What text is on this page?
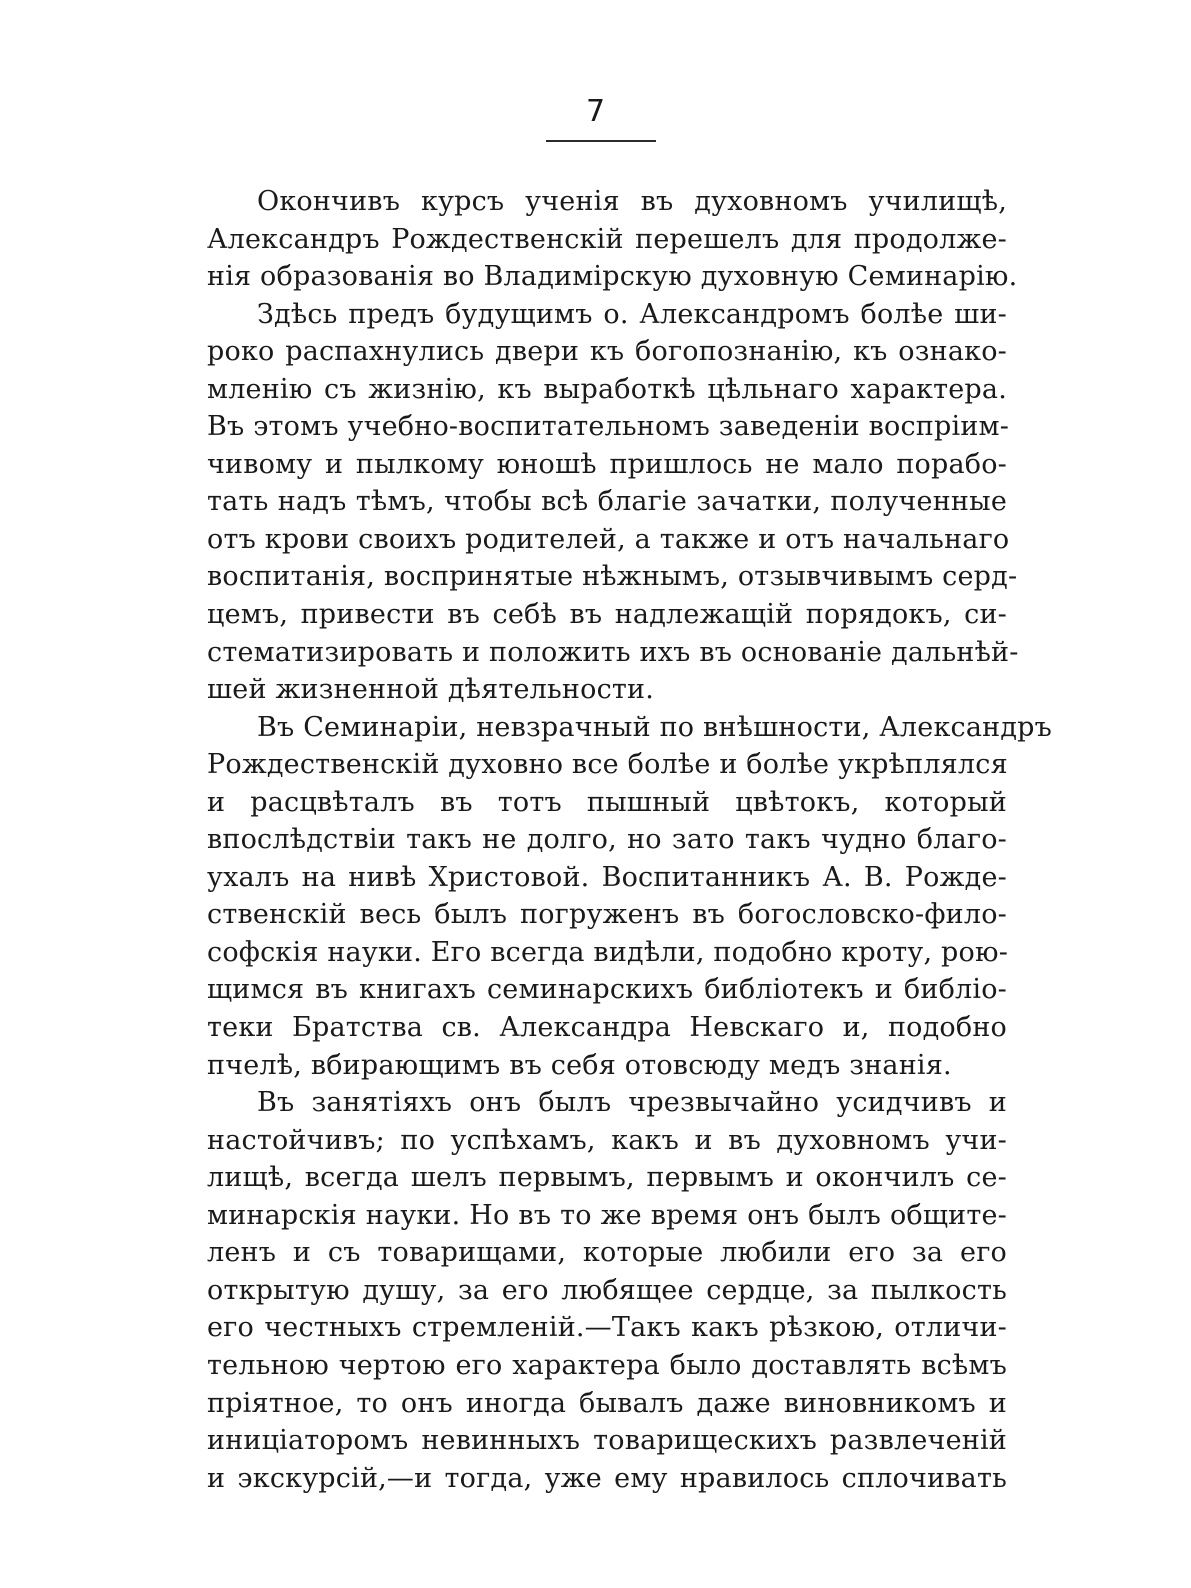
7
Окончивъ курсъ ученія въ духовномъ училищѣ,
Александръ Рождественскій перешелъ для продолже-
нія образованія во Владимірскую духовную Семинарію.
Здѣсь предъ будущимъ о. Александромъ болѣе ши-
роко распахнулись двери къ богопознанію, къ ознако-
мленію съ жизнію, къ выработкѣ цѣльнаго характера.
Въ этомъ учебно-воспитательномъ заведеніи воспріим-
чивому и пылкому юношѣ пришлось не мало порабо-
тать надъ тѣмъ, чтобы всѣ благіе зачатки, полученные
отъ крови своихъ родителей, а также и отъ начальнаго
воспитанія, воспринятые нѣжнымъ, отзывчивымъ серд-
цемъ, привести въ себѣ въ надлежащій порядокъ, си-
стематизировать и положить ихъ въ основаніе дальнѣй-
шей жизненной дѣятельности.
Въ Семинаріи, невзрачный по внѣшности, Александръ
Рождественскій духовно все болѣе и болѣе укрѣплялся
и расцвѣталъ въ тотъ пышный цвѣтокъ, который
впослѣдствіи такъ не долго, но зато такъ чудно благо-
ухалъ на нивѣ Христовой. Воспитанникъ А. В. Рожде-
ственскій весь былъ погруженъ въ богословско-фило-
софскія науки. Его всегда видѣли, подобно кроту, рою-
щимся въ книгахъ семинарскихъ библіотекъ и библіо-
теки Братства св. Александра Невскаго и, подобно
пчелѣ, вбирающимъ въ себя отовсюду медъ знанія.
Въ занятіяхъ онъ былъ чрезвычайно усидчивъ и
настойчивъ; по успѣхамъ, какъ и въ духовномъ учи-
лищѣ, всегда шелъ первымъ, первымъ и окончилъ се-
минарскія науки. Но въ то же время онъ былъ общите-
ленъ и съ товарищами, которые любили его за его
открытую душу, за его любящее сердце, за пылкость
его честныхъ стремленій.—Такъ какъ рѣзкою, отличи-
тельною чертою его характера было доставлять всѣмъ
пріятное, то онъ иногда бывалъ даже виновникомъ и
иниціаторомъ невинныхъ товарищескихъ развлеченій
и экскурсій,—и тогда, уже ему нравилось сплочивать
